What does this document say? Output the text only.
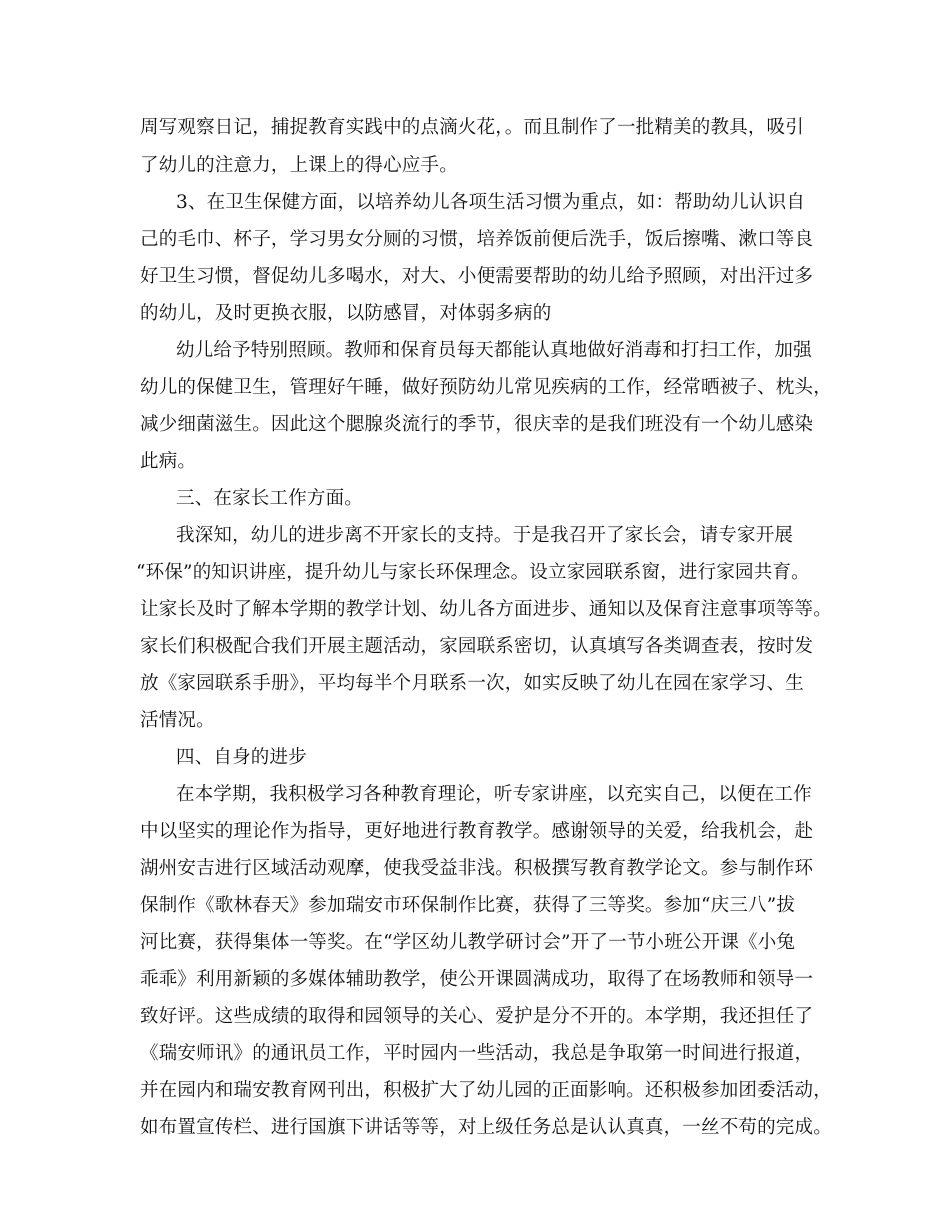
周写观察日记，捕捉教育实践中的点滴火花，。而且制作了一批精美的教具，吸引

了幼儿的注意力，上课上的得心应手。

3、在卫生保健方面，以培养幼儿各项生活习惯为重点，如：帮助幼儿认识自

己的毛巾、杯子，学习男女分厕的习惯，培养饭前便后洗手，饭后擦嘴、漱口等良

好卫生习惯，督促幼儿多喝水，对大、小便需要帮助的幼儿给予照顾，对出汗过多

的幼儿，及时更换衣服，以防感冒，对体弱多病的

幼儿给予特别照顾。教师和保育员每天都能认真地做好消毒和打扫工作，加强

幼儿的保健卫生，管理好午睡，做好预防幼儿常见疾病的工作，经常晒被子、枕头，

减少细菌滋生。因此这个腮腺炎流行的季节，很庆幸的是我们班没有一个幼儿感染

此病。

三、在家长工作方面。

我深知，幼儿的进步离不开家长的支持。于是我召开了家长会，请专家开展

“环保”的知识讲座，提升幼儿与家长环保理念。设立家园联系窗，进行家园共育。

让家长及时了解本学期的教学计划、幼儿各方面进步、通知以及保育注意事项等等。

家长们积极配合我们开展主题活动，家园联系密切，认真填写各类调查表，按时发

放《家园联系手册》，平均每半个月联系一次，如实反映了幼儿在园在家学习、生

活情况。

四、自身的进步

在本学期，我积极学习各种教育理论，听专家讲座，以充实自己，以便在工作

中以坚实的理论作为指导，更好地进行教育教学。感谢领导的关爱，给我机会，赴

湖州安吉进行区域活动观摩，使我受益非浅。积极撰写教育教学论文。参与制作环

保制作《歌林春天》参加瑞安市环保制作比赛，获得了三等奖。参加“庆三八”拔

河比赛，获得集体一等奖。在“学区幼儿教学研讨会”开了一节小班公开课《小兔

乖乖》利用新颖的多媒体辅助教学，使公开课圆满成功，取得了在场教师和领导一

致好评。这些成绩的取得和园领导的关心、爱护是分不开的。本学期，我还担任了

《瑞安师讯》的通讯员工作，平时园内一些活动，我总是争取第一时间进行报道，

并在园内和瑞安教育网刊出，积极扩大了幼儿园的正面影响。还积极参加团委活动，

如布置宣传栏、进行国旗下讲话等等，对上级任务总是认认真真，一丝不苟的完成。
